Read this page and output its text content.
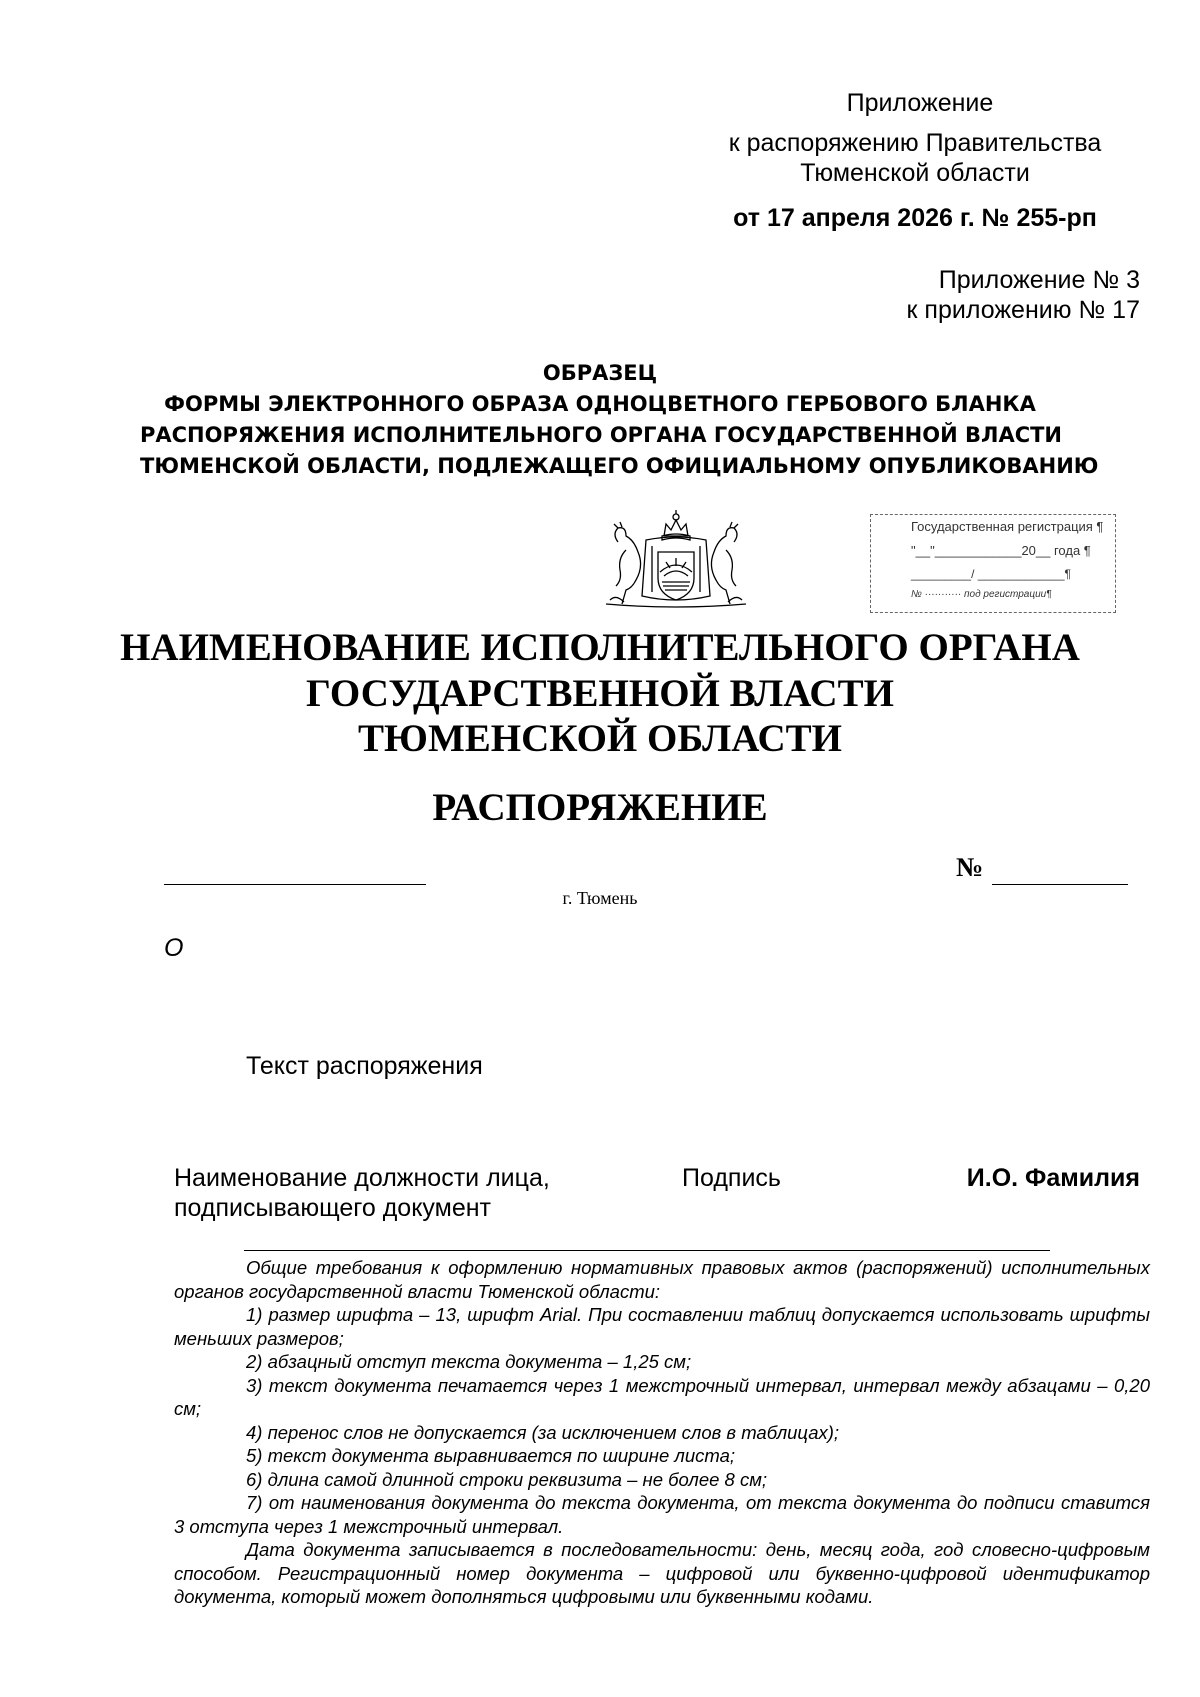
Приложение
к распоряжению Правительства
Тюменской области
от 17 апреля 2026 г. № 255-рп
Приложение № 3
к приложению № 17
ОБРАЗЕЦ
ФОРМЫ ЭЛЕКТРОННОГО ОБРАЗА ОДНОЦВЕТНОГО ГЕРБОВОГО БЛАНКА
РАСПОРЯЖЕНИЯ ИСПОЛНИТЕЛЬНОГО ОРГАНА ГОСУДАРСТВЕННОЙ ВЛАСТИ
ТЮМЕНСКОЙ ОБЛАСТИ, ПОДЛЕЖАЩЕГО ОФИЦИАЛЬНОМУ ОПУБЛИКОВАНИЮ
Государственная регистрация ¶
"__"____________20__ года ¶
_________/ _____________¶
№ ··········· под регистрации¶
НАИМЕНОВАНИЕ ИСПОЛНИТЕЛЬНОГО ОРГАНА
ГОСУДАРСТВЕННОЙ ВЛАСТИ
ТЮМЕНСКОЙ ОБЛАСТИ
РАСПОРЯЖЕНИЕ
№
г. Тюмень
О
Текст распоряжения
Наименование должности лица,
подписывающего документ
Подпись	И.О. Фамилия

Общие требования к оформлению нормативных правовых актов (распоряжений) исполнительных органов государственной власти Тюменской области:

1) размер шрифта – 13, шрифт Arial. При составлении таблиц допускается использовать шрифты меньших размеров;

2) абзацный отступ текста документа – 1,25 см;

3) текст документа печатается через 1 межстрочный интервал, интервал между абзацами – 0,20 см;

4) перенос слов не допускается (за исключением слов в таблицах);

5) текст документа выравнивается по ширине листа;

6) длина самой длинной строки реквизита – не более 8 см;

7) от наименования документа до текста документа, от текста документа до подписи ставится 3 отступа через 1 межстрочный интервал.

Дата документа записывается в последовательности: день, месяц года, год словесно-цифровым способом. Регистрационный номер документа – цифровой или буквенно-цифровой идентификатор документа, который может дополняться цифровыми или буквенными кодами.
